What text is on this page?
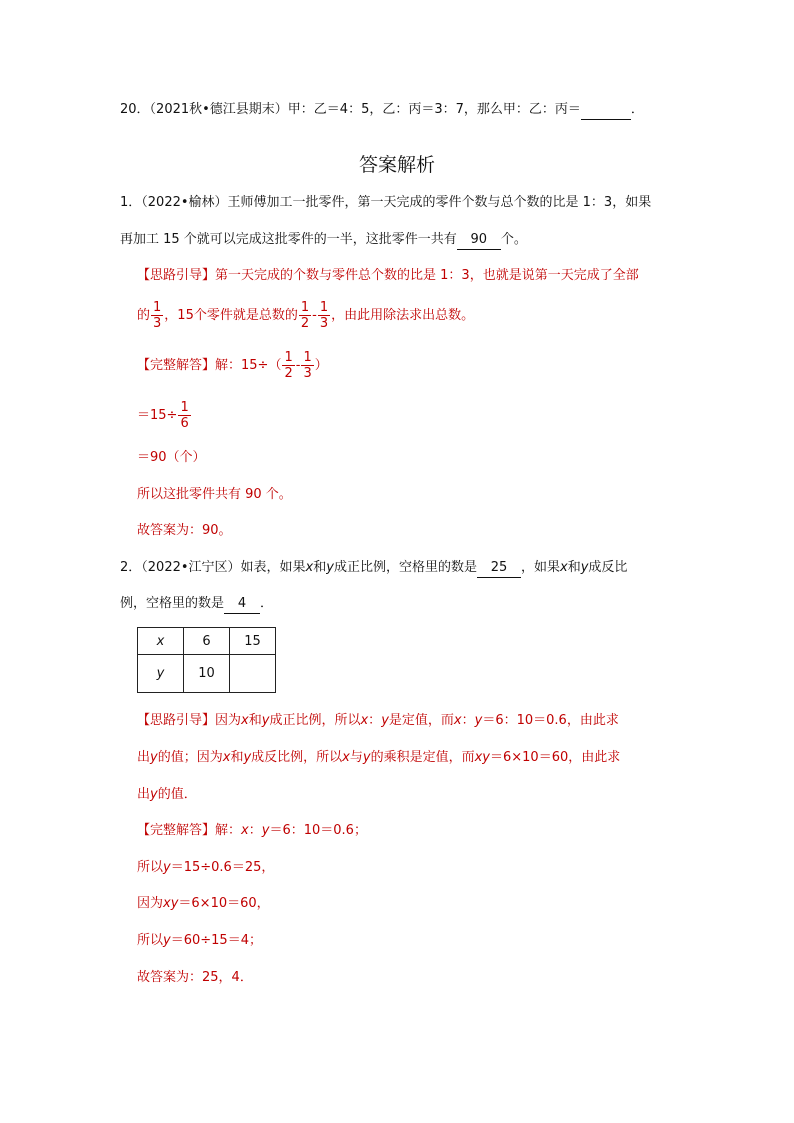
20．（2021秋•德江县期末）甲：乙＝4：5，乙：丙＝3：7，那么甲：乙：丙＝	．
答案解析
1．（2022•榆林）王师傅加工一批零件，第一天完成的零件个数与总个数的比是 1：3，如果
再加工 15 个就可以完成这批零件的一半，这批零件一共有 90 个。
【思路引导】第一天完成的个数与零件总个数的比是 1：3，也就是说第一天完成了全部
的 $\frac{1}{3}$ ，15个零件就是总数的 $\frac{1}{2} - \frac{1}{3}$ ，由此用除法求出总数。
【完整解答】解：$15\div( \frac{1}{2} - \frac{1}{3}$ ）
$=15\div \frac{1}{6}$
＝90（个）
所以这批零件共有 90 个。
故答案为：90。
2．（2022•江宁区）如表，如果x和y成正比例，空格里的数是 25 ，如果x和y成反比
例，空格里的数是 4 ．
x	6	15
y	10	
【思路引导】因为x和y成正比例，所以x：y是定值，而x：y＝6：10＝0.6，由此求
出y的值；因为x和y成反比例，所以x与y的乘积是定值，而xy＝6×10＝60，由此求
出y的值．
【完整解答】解：x：y＝6：10＝0.6；
所以y＝15÷0.6＝25，
因为xy＝6×10＝60，
所以y＝60÷15＝4；
故答案为：25，4．
